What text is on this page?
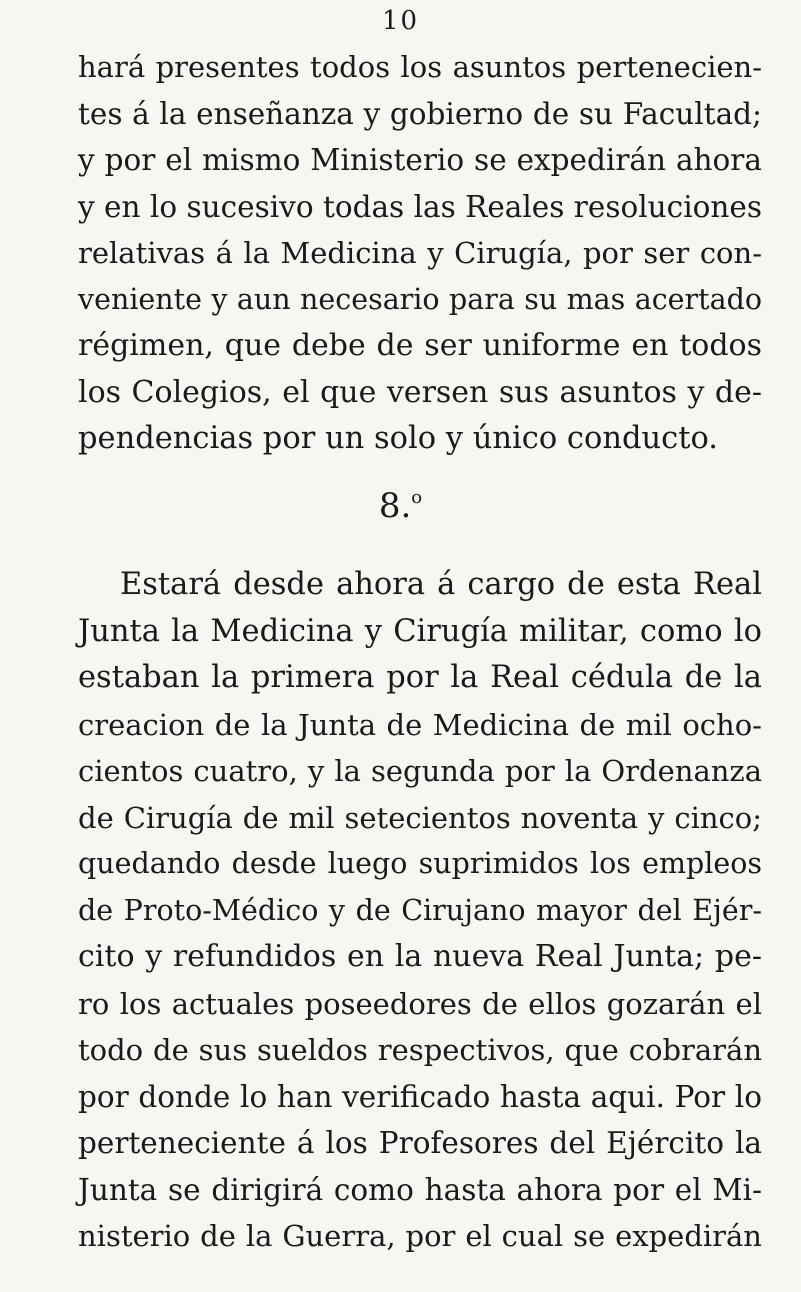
10
hará presentes todos los asuntos pertenecien-
tes á la enseñanza y gobierno de su Facultad;
y por el mismo Ministerio se expedirán ahora
y en lo sucesivo todas las Reales resoluciones
relativas á la Medicina y Cirugía, por ser con-
veniente y aun necesario para su mas acertado
régimen, que debe de ser uniforme en todos
los Colegios, el que versen sus asuntos y de-
pendencias por un solo y único conducto.
8.$^o$
Estará desde ahora á cargo de esta Real
Junta la Medicina y Cirugía militar, como lo
estaban la primera por la Real cédula de la
creacion de la Junta de Medicina de mil ocho-
cientos cuatro, y la segunda por la Ordenanza
de Cirugía de mil setecientos noventa y cinco;
quedando desde luego suprimidos los empleos
de Proto-Médico y de Cirujano mayor del Ejér-
cito y refundidos en la nueva Real Junta; pe-
ro los actuales poseedores de ellos gozarán el
todo de sus sueldos respectivos, que cobrarán
por donde lo han verificado hasta aqui. Por lo
perteneciente á los Profesores del Ejército la
Junta se dirigirá como hasta ahora por el Mi-
nisterio de la Guerra, por el cual se expedirán
